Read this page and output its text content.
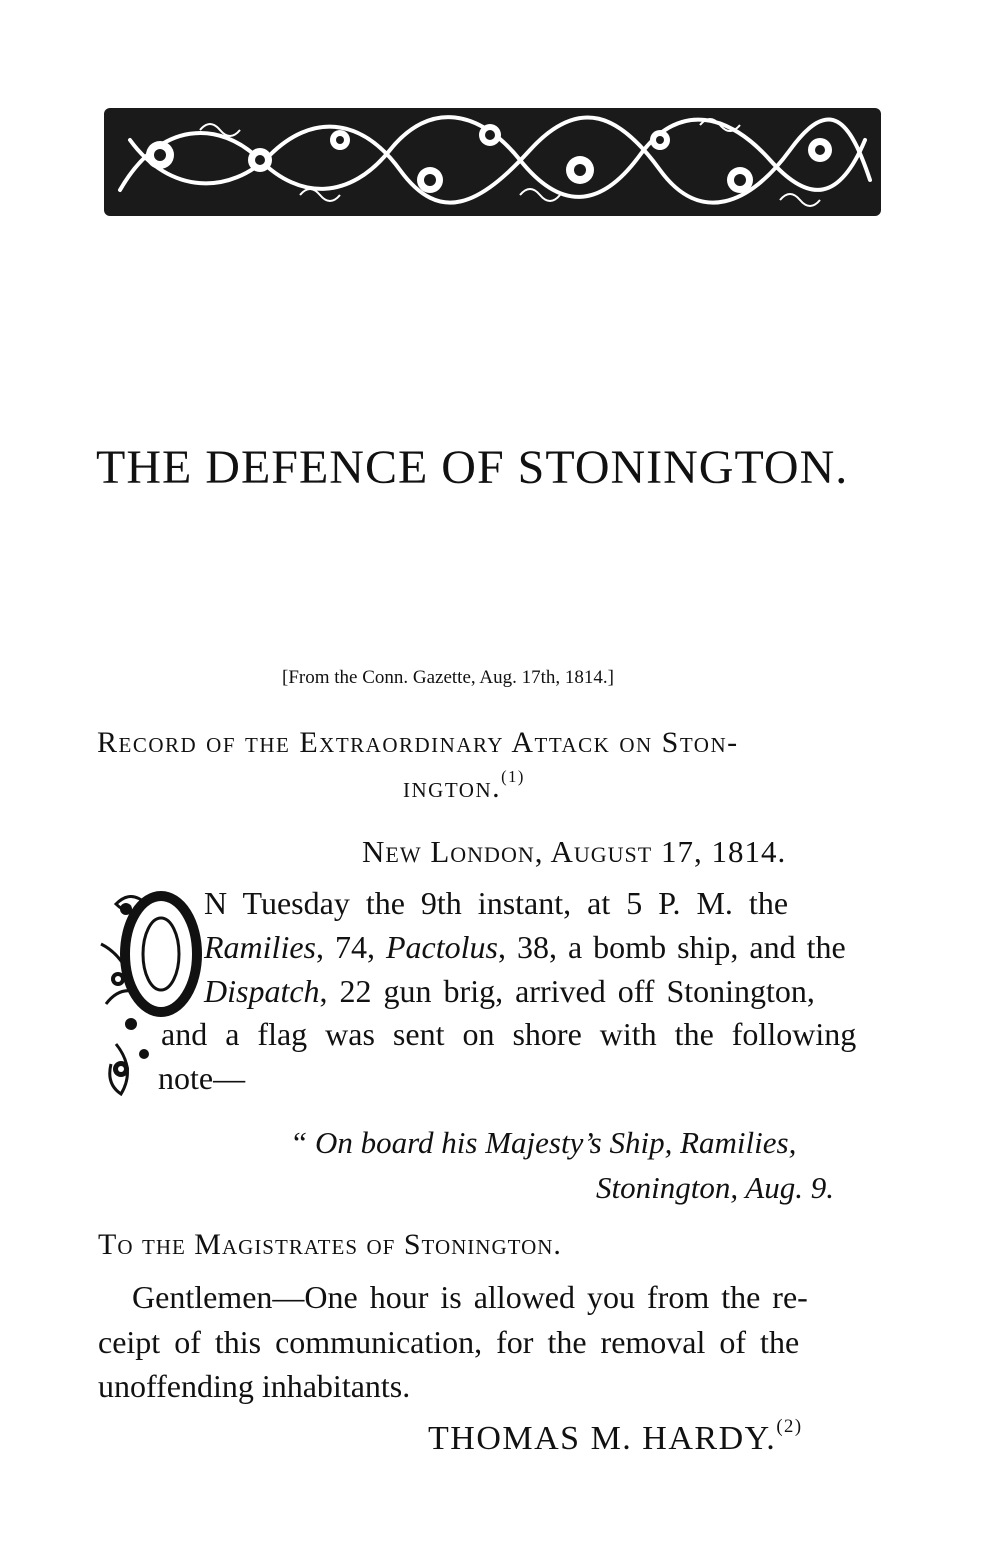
THE DEFENCE OF STONINGTON.
[From the Conn. Gazette, Aug. 17th, 1814.]
Record of the Extraordinary Attack on Ston-
ington.$^{(1)}$
New London, August 17, 1814.
N Tuesday the 9th instant, at 5 P. M. the
Ramilies, 74, Pactolus, 38, a bomb ship, and the
Dispatch, 22 gun brig, arrived off Stonington,
and a flag was sent on shore with the following
note—
“ On board his Majesty’s Ship, Ramilies,
Stonington, Aug. 9.
To the Magistrates of Stonington.
Gentlemen—One hour is allowed you from the re-
ceipt of this communication, for the removal of the
unoffending inhabitants.
THOMAS M. HARDY.$^{(2)}$
